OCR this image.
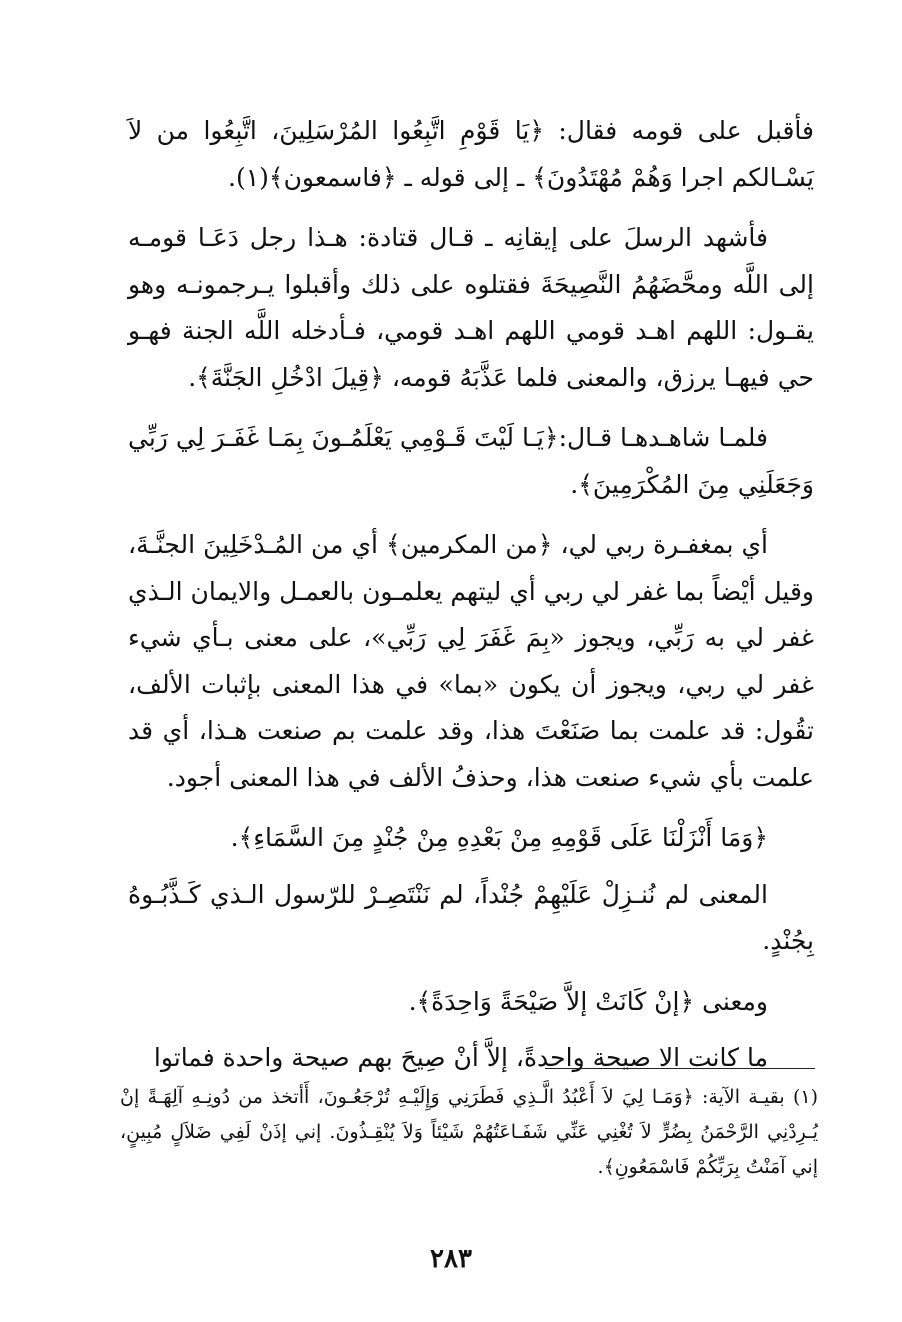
فأقبل على قومه فقال: ﴿يَا قَوْمِ اتَّبِعُوا المُرْسَلِينَ، اتَّبِعُوا من لاَ يَسْـالكم اجرا وَهُمْ مُهْتَدُونَ﴾ ـ إلى قوله ـ ﴿فاسمعون﴾(١).

فأشهد الرسلَ على إيقانِه ـ قـال قتادة: هـذا رجل دَعَـا قومـه إلى اللَّه ومحَّضَهُمُ النَّصِيحَةَ فقتلوه على ذلك وأقبلوا يـرجمونـه وهو يقـول: اللهم اهـد قومي اللهم اهـد قومي، فـأدخله اللَّه الجنة فهـو حي فيهـا يرزق، والمعنى فلما عَذَّبَهُ قومه، ﴿قِيلَ ادْخُلِ الجَنَّةَ﴾.

فلمـا شاهـدهـا قـال:﴿يَـا لَيْتَ قَـوْمِي يَعْلَمُـونَ بِمَـا غَفَـرَ لِي رَبِّي وَجَعَلَنِي مِنَ المُكْرَمِينَ﴾.

أي بمغفـرة ربي لي، ﴿من المكرمين﴾ أي من المُـدْخَلِينَ الجنَّـةَ، وقيل أيْضاً بما غفر لي ربي أي ليتهم يعلمـون بالعمـل والايمان الـذي غفر لي به رَبِّي، ويجوز «بِمَ غَفَرَ لِي رَبِّي»، على معنى بـأي شيء غفر لي ربي، ويجوز أن يكون «بما» في هذا المعنى بإثبات الألف، تقُول: قد علمت بما صَنَعْتَ هذا، وقد علمت بم صنعت هـذا، أي قد علمت بأي شيء صنعت هذا، وحذفُ الألف في هذا المعنى أجود.

﴿وَمَا أَنْزَلْنَا عَلَى قَوْمِهِ مِنْ بَعْدِهِ مِنْ جُنْدٍ مِنَ السَّمَاءِ﴾.

المعنى لم نُنـزِلْ عَلَيْهِمْ جُنْداً، لم نَنْتَصِـرْ للرّسول الـذي كَـذَّبُـوهُ بِجُنْدٍ.

ومعنى ﴿إنْ كَانَتْ إلاَّ صَيْحَةً وَاحِدَةً﴾.

ما كانت الا صيحة واحدةً، إلاَّ أنْ صِيحَ بهم صيحة واحدة فماتوا

(١) بقيـة الآية: ﴿وَمَـا لِيَ لاَ أَعْبُدُ الَّـذِي فَطَرَنِي وَإِلَيْـهِ تُرْجَعُـونَ، أَأتخذ من دُونِـهِ آلِهَـةً إنْ يُـرِدْنِي الرَّحْمَنُ بِضُرٍّ لاَ تُغْنِي عَنِّي شَفَـاعَتُهُمْ شَيْئاً وَلاَ يُنْقِـذُونَ. إني إذَنْ لَفِي ضَلاَلٍ مُبِينٍ، إني آمَنْتُ بِرَبِّكُمْ فَاسْمَعُونِ﴾.

٢٨٣
